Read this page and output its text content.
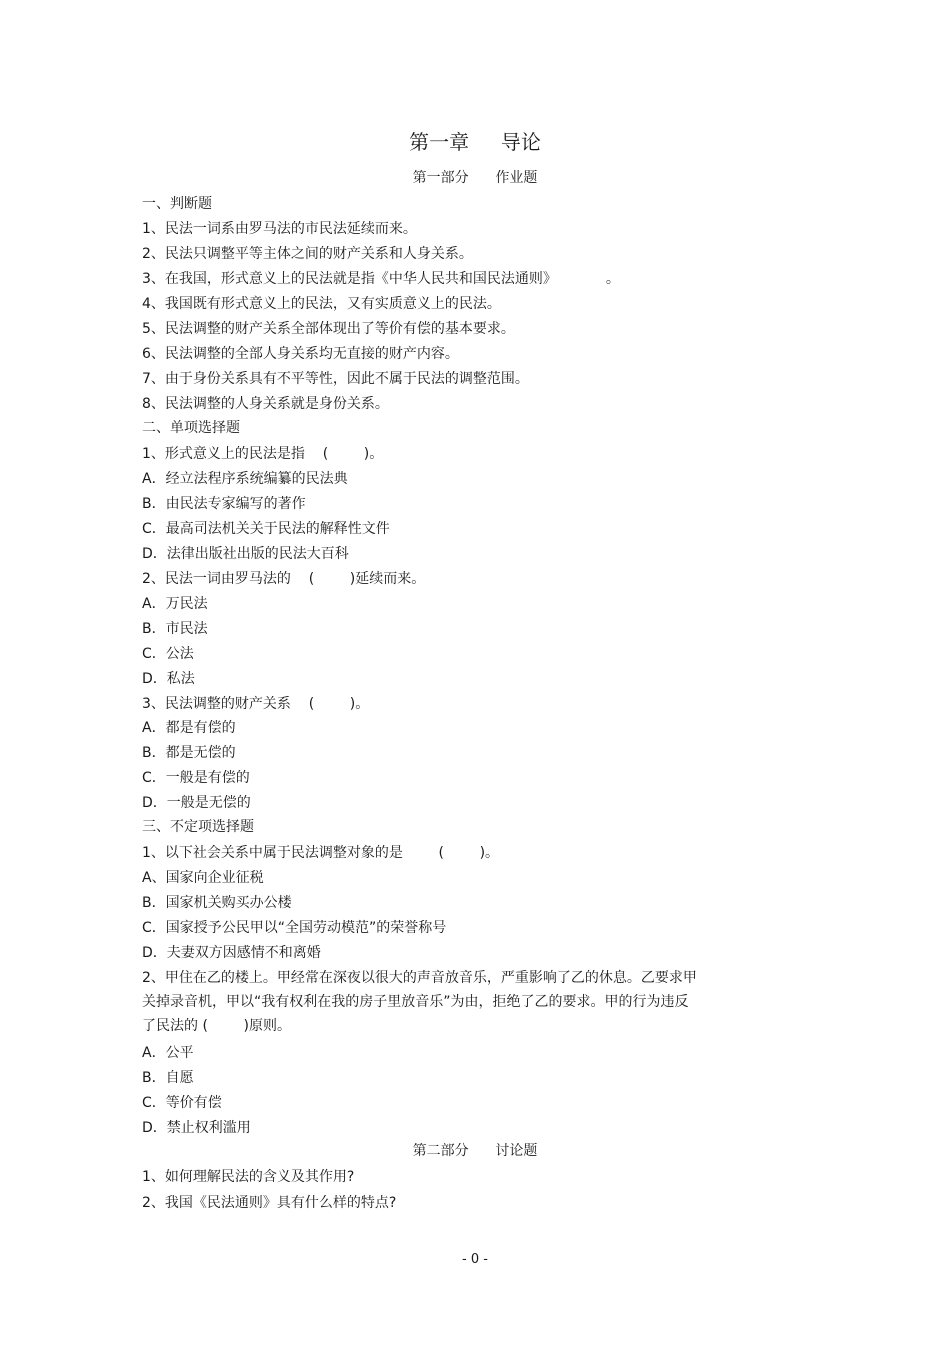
第一章     导论
第一部分      作业题
一、判断题
1、民法一词系由罗马法的市民法延续而来。
2、民法只调整平等主体之间的财产关系和人身关系。
3、在我国，形式意义上的民法就是指《中华人民共和国民法通则》           。
4、我国既有形式意义上的民法，又有实质意义上的民法。
5、民法调整的财产关系全部体现出了等价有偿的基本要求。
6、民法调整的全部人身关系均无直接的财产内容。
7、由于身份关系具有不平等性，因此不属于民法的调整范围。
8、民法调整的人身关系就是身份关系。
二、单项选择题
1、形式意义上的民法是指    (        )。
A．经立法程序系统编纂的民法典
B．由民法专家编写的著作
C．最高司法机关关于民法的解释性文件
D．法律出版社出版的民法大百科
2、民法一词由罗马法的    (        )延续而来。
A．万民法
B．市民法
C．公法
D．私法
3、民法调整的财产关系    (        )。
A．都是有偿的
B．都是无偿的
C．一般是有偿的
D．一般是无偿的
三、不定项选择题
1、以下社会关系中属于民法调整对象的是        (        )。
A、国家向企业征税
B．国家机关购买办公楼
C．国家授予公民甲以“全国劳动模范”的荣誉称号
D．夫妻双方因感情不和离婚
2、甲住在乙的楼上。甲经常在深夜以很大的声音放音乐，严重影响了乙的休息。乙要求甲
关掉录音机，甲以“我有权利在我的房子里放音乐”为由，拒绝了乙的要求。甲的行为违反
了民法的 (        )原则。
A．公平
B．自愿
C．等价有偿
D．禁止权利滥用
第二部分      讨论题
1、如何理解民法的含义及其作用?
2、我国《民法通则》具有什么样的特点?
- 0 -
